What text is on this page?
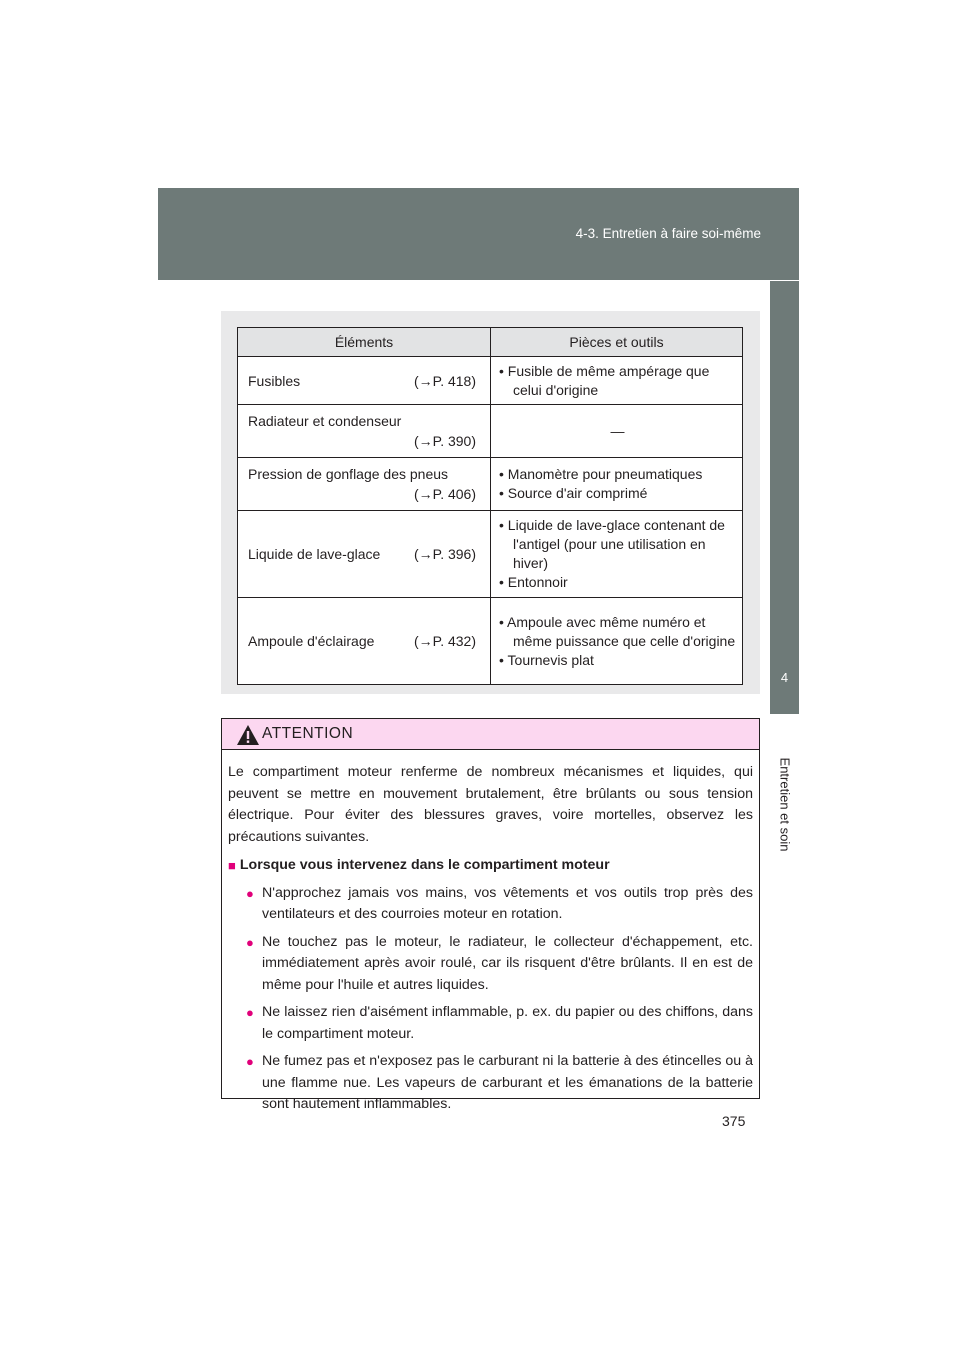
4-3. Entretien à faire soi-même
4
Entretien et soin
Éléments	Pièces et outils

Fusibles (→P. 418)	• Fusible de même ampérage que celui d'origine

Radiateur et condenseur
(→P. 390)	—

Pression de gonflage des pneus
(→P. 406)	• Manomètre pour pneumatiques
• Source d'air comprimé

Liquide de lave-glace (→P. 396)	• Liquide de lave-glace contenant de l'antigel (pour une utilisation en hiver)
• Entonnoir

Ampoule d'éclairage (→P. 432)	• Ampoule avec même numéro et même puissance que celle d'origine
• Tournevis plat
ATTENTION

Le compartiment moteur renferme de nombreux mécanismes et liquides, qui peuvent se mettre en mouvement brutalement, être brûlants ou sous tension électrique. Pour éviter des blessures graves, voire mortelles, observez les précautions suivantes.

■ Lorsque vous intervenez dans le compartiment moteur
● N'approchez jamais vos mains, vos vêtements et vos outils trop près des ventilateurs et des courroies moteur en rotation.
● Ne touchez pas le moteur, le radiateur, le collecteur d'échappement, etc. immédiatement après avoir roulé, car ils risquent d'être brûlants. Il en est de même pour l'huile et autres liquides.
● Ne laissez rien d'aisément inflammable, p. ex. du papier ou des chiffons, dans le compartiment moteur.
● Ne fumez pas et n'exposez pas le carburant ni la batterie à des étincelles ou à une flamme nue. Les vapeurs de carburant et les émanations de la batterie sont hautement inflammables.
375
